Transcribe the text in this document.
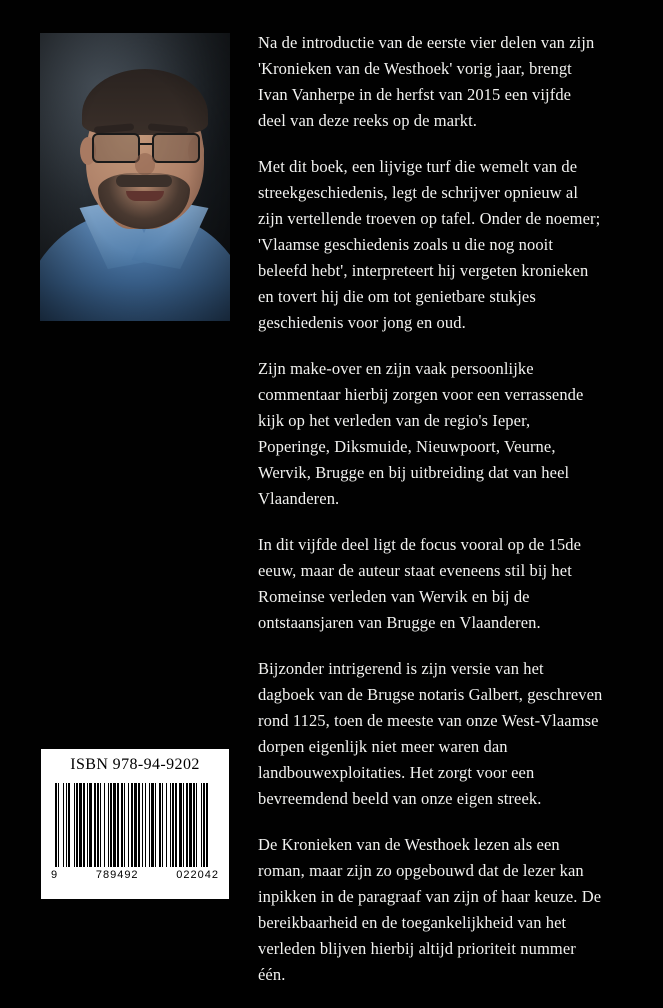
ISBN 978-94-9202
9	789492	022042

Na de introductie van de eerste vier delen van zijn 'Kronieken van de Westhoek' vorig jaar, brengt Ivan Vanherpe in de herfst van 2015 een vijfde deel van deze reeks op de markt.

Met dit boek, een lijvige turf die wemelt van de streekgeschiedenis, legt de schrijver opnieuw al zijn vertellende troeven op tafel. Onder de noemer; 'Vlaamse geschiedenis zoals u die nog nooit beleefd hebt', interpreteert hij vergeten kronieken en tovert hij die om tot genietbare stukjes geschiedenis voor jong en oud.

Zijn make-over en zijn vaak persoonlijke commentaar hierbij zorgen voor een verrassende kijk op het verleden van de regio's Ieper, Poperinge, Diksmuide, Nieuwpoort, Veurne, Wervik, Brugge en bij uitbreiding dat van heel Vlaanderen.

In dit vijfde deel ligt de focus vooral op de 15de eeuw, maar de auteur staat eveneens stil bij het Romeinse verleden van Wervik en bij de ontstaansjaren van Brugge en Vlaanderen.

Bijzonder intrigerend is zijn versie van het dagboek van de Brugse notaris Galbert, geschreven rond 1125, toen de meeste van onze West-Vlaamse dorpen eigenlijk niet meer waren dan landbouwexploitaties. Het zorgt voor een bevreemdend beeld van onze eigen streek.

De Kronieken van de Westhoek lezen als een roman, maar zijn zo opgebouwd dat de lezer kan inpikken in de paragraaf van zijn of haar keuze. De bereikbaarheid en de toegankelijkheid van het verleden blijven hierbij altijd prioriteit nummer één.
